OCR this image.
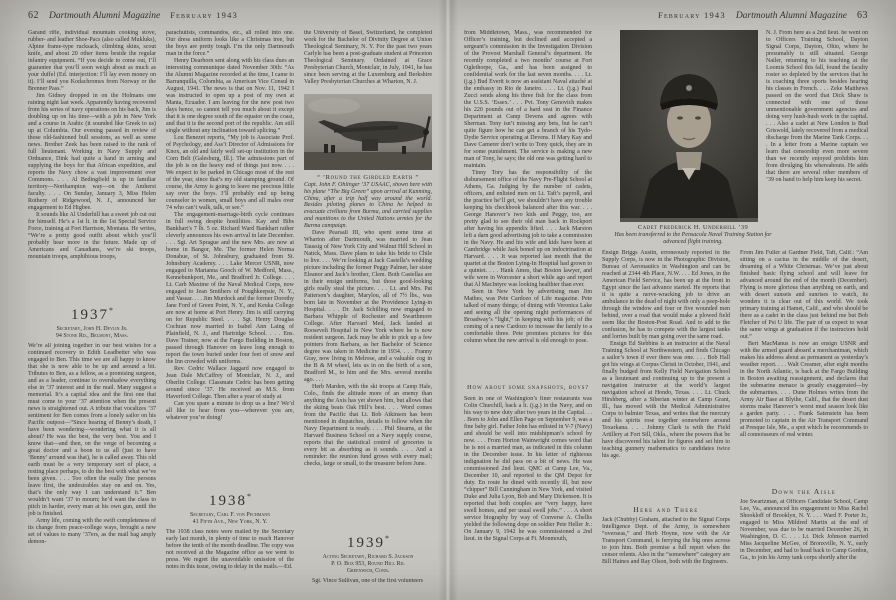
62 Dartmouth Alumni Magazine February 1943

Garand rifle, individual mountain cooking stove, rubber- and leather Shoe-Pacs (also called Mukluks), Alpine frame-type rucksack, climbing skins, scout knife, and about 20 other items beside the regular infantry equipment. “If you decide to come out, I’ll guarantee that you’ll soon weigh about as much as your duffel (Ed. interjection: I’ll lay even money on it). I’ll send you Kodachromes from Norway or the Brenner Pass.”

Jim Gidney dropped in on the Holmans one raining night last week. Apparently having recovered from his series of navy operations on his back, Jim is doubling up on his time—with a job in New York and a course in Arabic (it sounded like Greek to us) up at Columbia. Our evening passed in review of those old-fashioned bull sessions, as well as some news. Brother Zeek has been raised to the rank of full lieutenant. Working in Navy Supply and Ordnance, Dink had quite a hand in arming and supplying the boys for that African expedition, and reports the Navy chow a vast improvement over Commons. . . . Al Bedingfield is up in familiar territory—Northampton way—on the Amherst faculty. . . . On Sunday, January 3, Miss Helen Rothery of Ridgewood, N. J., announced her engagement to Ed Higbee.

It sounds like Al Underhill has a sweet job cut out for himself. He’s a 1st lt. in the 1st Special Service Force, training at Fort Harrison, Montana. He writes, “We’re a pretty good outfit about which you’ll probably hear more in the future. Made up of Americans and Canadians, we’re ski troops, mountain troops, amphibious troops,

1937*
Secretary, John H. Devlin Jr.
94 Stone Rd., Belmont, Mass.

We’re all joining together in our best wishes for a continued recovery to Edith Leadbetter who was engaged to Ben. This time we are all happy to know that she is now able to be up and around a bit. Tributes to Ben, as a fellow, as a promising surgeon, and as a leader, continue to overshadow everything else in ’37 interest and in the mail. Many suggest a memorial. It’s a capital idea and the first one that must come to your ’37 attention when the present news is straightened out. A tribute that vocalizes ’37 sentiment for Ben comes from a lonely sailor on his Pacific outpost—“Since hearing of Benny’s death, I have been wondering—wondering what it is all about? He was the best, the very best. You and I know that—and then, on the verge of becoming a great doctor and a boon to us all (just to have ‘Benny’ around was that), he is called away. This old earth must be a very temporary sort of place, a resting place perhaps, to do the best with what we’ve been given. . . . Too often the really fine persons leave first, the undesirables stay on and on. Yes, that’s the only way I can understand it.” Ben wouldn’t want ’37 to mourn; he’d want the class to pitch in harder, every man at his own gun, until the job is finished.

Army life, coming with the swift completeness of its change from peace-college ways, brought a new set of values to many ’37ers, as the mail bag amply demon-

parachutists, commandos, etc., all rolled into one. Our dress uniform looks like a Christmas tree, but the boys are pretty tough. I’m the only Dartmouth man in the force.”

Henry Dearborn sent along with his class dues an interesting communique dated November 30th: “As the Alumni Magazine recorded at the time, I came to Barranquilla, Colombia, as American Vice Consul in August, 1941. The news is that on Nov. 11, 1942 I was instructed to open up a post of my own at Manta, Ecuador. I am leaving for the new post two days hence, so cannot tell you much about it except that it is one degree south of the equator on the coast, and that it is the second port of the republic. Am still single without any inclination toward splicing.”

Lou Benezet reports, “My job is Associate Prof. of Psychology, and Ass’t Director of Admissions for Knox, an old and fairly well set-up institution in the Corn Belt (Galesburg, Ill.). The admissions part of the job is on the heavy end of things just now. . . . We expect to be parked in Chicago most of the rest of the year, since that’s my old stamping ground. Of course, the Army is going to leave me precious little say over the boys. I’ll probably end up being counselor to women, small boys and all males over 74 who can’t walk, talk, or see.”

The engagement-marriage-birth cycle continues in full swing despite hostilities. Kay and Bibs Bankhart’s 7 lb. 5 oz. Richard Ward Bankhart rather cleverly announces his own arrival in late December. . . . Sgt. Art Sprague and the new Mrs. are now at home in Bangor, Me. The former Helen Norma Donahue, of St. Johnsbury, graduated from St. Johnsbury Academy. . . . Lake Mercer USNR, now engaged to Marianna Gooch of W. Medford, Mass., Kennebunkport, Me., and Bradford Jr. College. . . . Lt. Carb Maxime of the Naval Medical Corps, now engaged to Jean Smithers of Poughkeepsie, N. Y., and Vassar. . . . Jim Murdock and the former Dorothy Jane Ford of Green Point, N. Y., and Keuka College are now at home at Port Henry. Jim is still carrying on for Republic Steel. . . . Sgt. Henry Douglas Cochran now married to Isabel Ann Laing of Plainfield, N. J., and Hartridge School. . . . Ens. Dave Trainer, now at the Fargo Building in Boston, passed through Hanover on leave long enough to report the town buried under four feet of snow and the Inn crowded with uniforms.

Rev. Cedric Wallace Jaggard now engaged to Jean Dale McCaffrey of Montclair, N. J., and Oberlin College. Classmate Cedric has been getting around since ’37. He received an M.S. from Haverford College. Then after a year of study at

Can you spare a minute to drop us a line? We’d all like to hear from you—wherever you are, whatever you’re doing!

1938*
Secretary, Carl F. von Pechmann
41 Fifth Ave., New York, N. Y.

The 1938 class notes were mailed by the Secretary early last month, in plenty of time to reach Hanover before the tenth of the month deadline. The copy was not received at the Magazine office as we went to press. We regret the unavoidable omission of the notes in this issue, owing to delay in the mails.—Ed.

the University of Basel, Switzerland, he completed work for the Bachelor of Divinity Degree at Union Theological Seminary, N. Y. For the past two years Carlyle has been a post-graduate student at Princeton Theological Seminary. Ordained at Grace Presbyterian Church, Montclair, in July, 1941, he has since been serving at the Luxemburg and Berkshire Valley Presbyterian Churches at Wharton, N. J.

“ ’Round the Girdled Earth ”
Capt. John F. Ohlinger ’37 USAAC, shown here with his plane “The Big Green” upon arrival at Kunming, China, after a trip half way around the world. Besides piloting planes to China he helped to evacuate civilians from Burma, and carried supplies and munitions to the United Nations armies for the Burma campaign.

Dave Pearsall III, who spent some time at Wharton after Dartmouth, was married to Jean Taussig of New York City and Walnut Hill School in Natick, Mass. Dave plans to take his bride to Chile to live. . . . We’re looking at Jack Castella’s wedding picture including the former Peggy Palmer, her sister Eleanor and Jack’s brother, Clem. Both Castellas are in their ensign uniforms, but those good-looking girls really steal the picture. . . . Lt. and Mrs. Pat Patterson’s daughter, Marylou, all of 7½ lbs., was born late in November at the Providence Lying-in Hospital. . . . Dr. Jack Schilling now engaged to Barbara Whipple of Rochester and Swarthmore College. After Harvard Med, Jack landed at Roosevelt Hospital in New York where he is now resident surgeon. Jack may be able to pick up a few pointers from Barbara, as her Bachelor of Science degree was taken in Medicine in 1934. . . . Franny Gray, now living in Melrose, and a valuable cog in the B & M wheel, lets us in on the birth of a son, Bradford M., to him and the Mrs. several months ago. . . .

Herb Marden, with the ski troops at Camp Hale, Colo., finds the altitude more of an enemy than anything the Axis has yet shown him, but allows that the skiing beats Oak Hill’s best. . . . Word comes from the Pacific that Lt. Bob Atkinson has been mentioned in dispatches, details to follow when the Navy Department is ready. . . . Phil Stearns, at the Harvard Business School on a Navy supply course, reports that the statistical control of groceries is every bit as absorbing as it sounds. . . . And a reminder: the reunion fund grows with every mail; checks, large or small, to the treasurer before June.

1939*
Acting Secretary, Richard S. Jackson
P. O. Box 953, Round Hill Rd.
Greenwich, Conn.

Sgt. Vince Sullivan, one of the first volunteers

February 1943 Dartmouth Alumni Magazine 63

from Middletown, Mass., was recommended for Officer’s training, but declined and accepted a sergeant’s commission in the Investigation Division of the Provost Marshall General’s department. He recently completed a two months’ course at Fort Oglethorpe, Ga., and has been assigned to confidential work for the last seven months. . . . Lt. (j.g.) Bud Everit is now an assistant Naval attaché at the embassy in Rio de Janeiro. . . . Lt. (j.g.) Paul Zucci sends along his three fish for the class from the U.S.S. ‘Essex.’ . . . Pvt. Tony Genovich makes his 220 pounds out of a hard seat in the Finance Department at Camp Devens and agrees with Sherman. Tony isn’t missing any bets, but he can’t quite figure how he can get a branch of his Tydo-Dydie Service operating at Devens. If Mary Kay and Dave Camerer don’t write to Tony quick, they are in for some punishment. The service is making a new man of Tony, he says; the old one was getting hard to maintain.

Tinny Tory has the responsibility of the disbursement office of the Navy Pre-Flight School at Athens, Ga. Judging by the number of cadets, officers, and enlisted men on Lt. Taft’s payroll, and the practice he’ll get, we shouldn’t have any trouble keeping his checkbook balanced after this war. . . . George Hanover’s two kids and Peggy, too, are pretty glad to see their old man back in Rockport after having his appendix lifted. . . . Jack Marston left a darn good advertising job to take a commission in the Navy. He and his wife and kids have been at Cambridge while Jack boned up on indoctrination at Harvard. . . . It was reported last month that the quartet at the Boston Lying-In Hospital had grown to a quintet. . . . Hank Ames, that Boston lawyer, and wife were in Worcester a short while ago and report that Al MacIntyre was looking healthier than ever.

Seen in New York by advertising man Jim Mathes, was Pete Cardozo of Life magazine. Pete talked of many things; of dining with Veronica Lake and seeing all the opening night performances of Broadway’s “light,” in keeping with his job; of the coming of a new Cardozo to increase the family to a comfortable three. Pete promises pictures for this column when the new arrival is old enough to pose.

How about some snapshots, boys?

Seen in one of Washington’s finer restaurants was Colin Churchill, back a lt. (j.g.) in the Navy, and on his way to new duty after two years in the Capital. . . . Born to John and Ellen Page on September 9, was a fine baby girl. Father John has enlisted in V-7 (Navy) and should be well into midshipman’s school by now. . . . From Horton Wainwright comes word that he is not a married man, as indicated in this column in the December issue. In his letter of righteous indignation he did pass on a bit of news. He was commissioned 2nd lieut. QMC at Camp Lee, Va., December 10, and reported to the QM Depot for duty. En route he dined with recently ill, but now “chipper” Bill Cunningham in New York, and visited Duke and Julia Lyon, Bob and Mary Dickenson. It is reported that both couples are “very happy, have swell homes, and per usual swell jobs.” . . . A short service biography by way of Converse A. Chellis yielded the following dope on soldier Pete Heller Jr.: On January 9, 1942 he was commissioned a 2nd lieut. in the Signal Corps at Ft. Monmouth,

N. J. From here as a 2nd lieut. he went on to Officers Training School, Dayton Signal Corps, Dayton, Ohio, where he presumably is still situated. George Nailer, returning to his teaching at the Loomis School this fall, found the faculty roster so depleted by the services that he is coaching three sports besides hearing his classes in French. . . . Zeke Matthews passed on the word that Dick Shaw is connected with one of those unmentionable government agencies and doing very hush-hush work in the capital. . . . Also a cadet at New London is Bud Griswold, lately recovered from a medical discharge from the Marine Tank Corps. . . . In a letter from a Marine captain we learn that censorship even more severe than we recently enjoyed prohibits him from divulging his whereabouts. He adds that there are several other members of ’39 on hand to help him keep his secret.

Cadet Frederick H. Underhill ’39
Has been transferred to the Pensacola Naval Training Station for advanced flight training.

Ensign Briggs Austin, erroneously reported in the Supply Corps, is now in the Photographic Division, Bureau of Aeronautics in Washington and can be reached at 2344 4th Place, N.W. . . . Ed Jones, in the American Field Service, has been up at the front in Egypt since the last advance started. He reports that it is quite a nerve-wracking job to drive an ambulance in the dead of night with only a peep-hole through the window and four or five wounded men behind, over a road that would make a plowed field seem like the Boston-Post Road. And to add to the confusion, he has to compete with the largest tanks and lorries built by man going over the same road.

Ensign Ed Stebbins is an instructor at the Naval Training School at Northwestern, and finds Chicago a sailor’s town if ever there was one. . . . Bob Hall got his wings at Corpus Christi in October, 1941, and finally budged from Kelly Field Navigation School as a lieutenant and continuing up to the present a navigation instructor at the world’s largest navigation school at Hondo, Texas. . . . Lt. Chuck Hirshberg, after a Siberian winter at Camp Grant, Ill., has moved with the Medical Administrative Corps to balmier Texas, and writes that the mercury and his spirits rose together somewhere around Texarkana. . . . Johnny Clark is with the Field Artillery at Fort Sill, Okla., where the powers that be have discovered his talent for figures and set him to teaching gunnery mathematics to candidates twice his age.

Here and There

Jack (Chubby) Graham, attached to the Signal Corps Intelligence Dept. of the Army, is somewhere “overseas,” and Herb Hoyne, now with the Air Transport Command, is ferrying the big ones across to join him. Both promise a full report when the censor relents. Also in the “somewhere” category are Bill Haines and Ray Olson, both with the Engineers.

From Jim Fuller at Gardner Field, Taft, Calif.: “Am sitting on a cactus in the middle of the desert, dreaming of a White Christmas. We’ve just about finished basic flying school and will leave for advanced around the end of the month (December). Flying is more glorious than anything on earth, and with desert sunsets and sunrises to watch, its wonders it is clear out of this world. We took primary training at Hamet, Calif., and who should be there as a cadet in the class just behind me but Bob Fletcher of Psi U life. The pair of us expect to wear the same wings at graduation if the instructors hold out.”

Bert MacManus is now an ensign USNR and with the armed guard aboard a merchantman, which makes his address about as permanent as yesterday’s weather report. . . . Walt Creamer, after eight months in the North Atlantic, is back at the Fargo Building in Boston awaiting reassignment, and declares that the submarine menace is greatly exaggerated—by the submarines. . . . Dune Holmes writes from the Army Air Base at Blythe, Calif., that the desert dust storms make Hanover’s worst mud season look like a garden party. . . . Frank Satenstein has been promoted to captain in the Air Transport Command at Presque Isle, Me., a spot which he recommends to all connoisseurs of real winter.

Down the Aisle

Joe Swartzman, at Officers Candidate School, Camp Lee, Va., announced his engagement to Miss Rachel Shookloff of Brooklyn, N. Y. . . . Ward F. Porter Jr., engaged to Miss Mildred Martin at the end of November, was due to be married December 26, in Washington, D. C. . . . Lt. Dick Johnson married Miss Jacqueline McGee, of Bronxville, N. Y., early in December, and had to head back to Camp Gordon, Ga., to join his Army tank corps shortly after the
